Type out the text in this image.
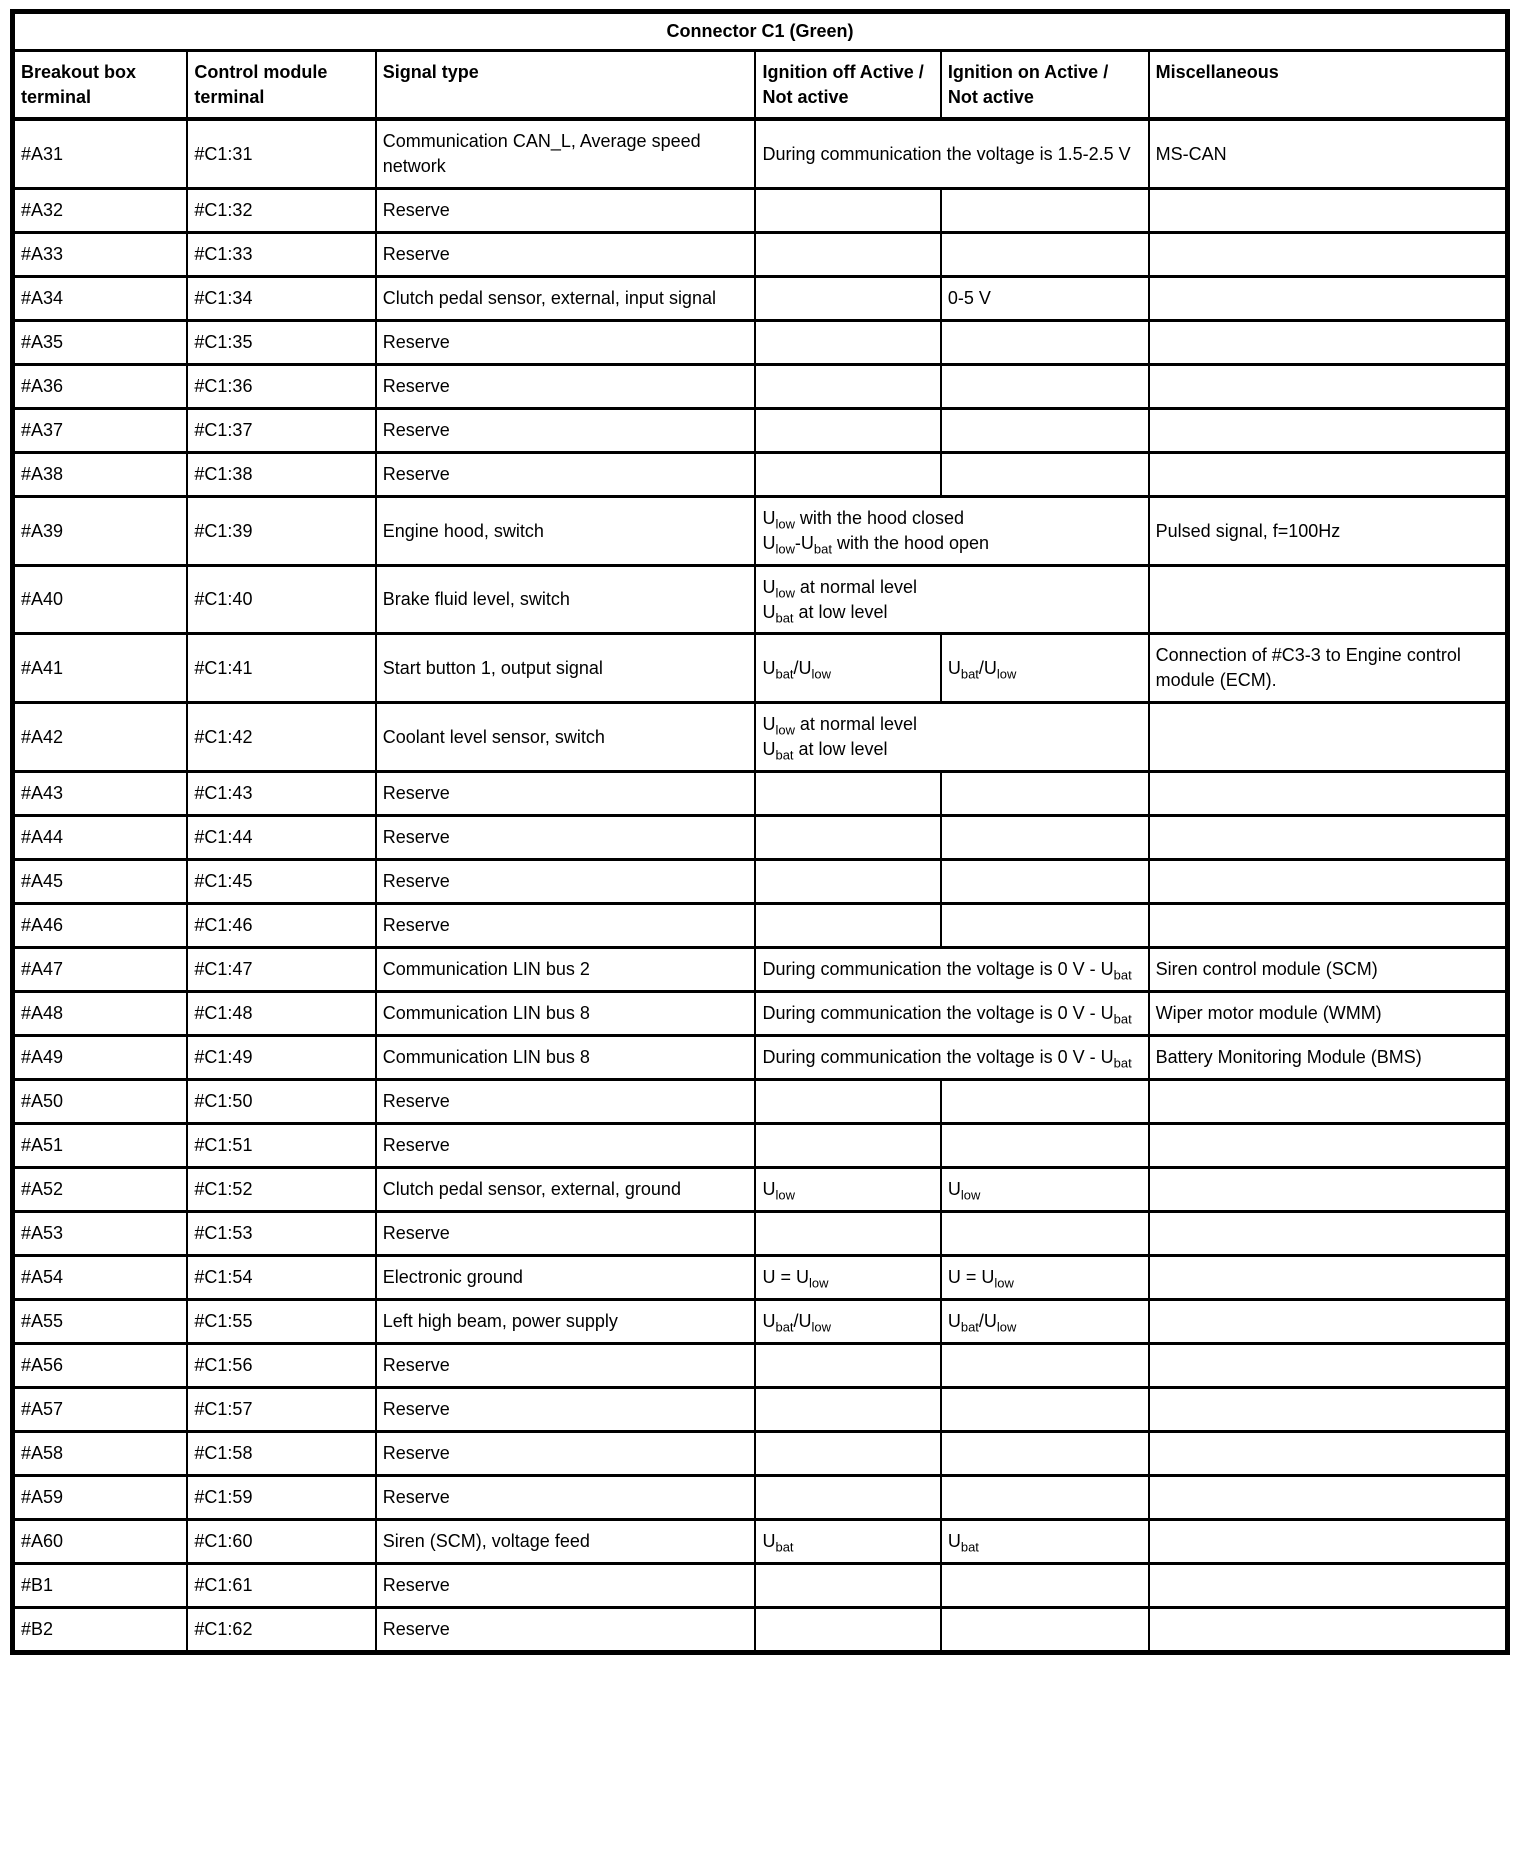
Connector C1 (Green)					
Breakout box terminal	Control module terminal	Signal type	Ignition off Active / Not active	Ignition on Active / Not active	Miscellaneous
#A31	#C1:31	Communication CAN_L, Average speed network	During communication the voltage is 1.5-2.5 V		MS-CAN
#A32	#C1:32	Reserve			
#A33	#C1:33	Reserve			
#A34	#C1:34	Clutch pedal sensor, external, input signal		0-5 V	
#A35	#C1:35	Reserve			
#A36	#C1:36	Reserve			
#A37	#C1:37	Reserve			
#A38	#C1:38	Reserve			
#A39	#C1:39	Engine hood, switch	$U_{low}$ with the hood closed
$U_{low}-U_{bat}$ with the hood open		Pulsed signal, f=100Hz
#A40	#C1:40	Brake fluid level, switch	$U_{low}$ at normal level
$U_{bat}$ at low level		
#A41	#C1:41	Start button 1, output signal	$U_{bat}/U_{low}$	$U_{bat}/U_{low}$	Connection of #C3-3 to Engine control module (ECM).
#A42	#C1:42	Coolant level sensor, switch	$U_{low}$ at normal level
$U_{bat}$ at low level		
#A43	#C1:43	Reserve			
#A44	#C1:44	Reserve			
#A45	#C1:45	Reserve			
#A46	#C1:46	Reserve			
#A47	#C1:47	Communication LIN bus 2	During communication the voltage is 0 V - $U_{bat}$		Siren control module (SCM)
#A48	#C1:48	Communication LIN bus 8	During communication the voltage is 0 V - $U_{bat}$		Wiper motor module (WMM)
#A49	#C1:49	Communication LIN bus 8	During communication the voltage is 0 V - $U_{bat}$		Battery Monitoring Module (BMS)
#A50	#C1:50	Reserve			
#A51	#C1:51	Reserve			
#A52	#C1:52	Clutch pedal sensor, external, ground	$U_{low}$	$U_{low}$	
#A53	#C1:53	Reserve			
#A54	#C1:54	Electronic ground	$U = U_{low}$	$U = U_{low}$	
#A55	#C1:55	Left high beam, power supply	$U_{bat}/U_{low}$	$U_{bat}/U_{low}$	
#A56	#C1:56	Reserve			
#A57	#C1:57	Reserve			
#A58	#C1:58	Reserve			
#A59	#C1:59	Reserve			
#A60	#C1:60	Siren (SCM), voltage feed	$U_{bat}$	$U_{bat}$	
#B1	#C1:61	Reserve			
#B2	#C1:62	Reserve			
